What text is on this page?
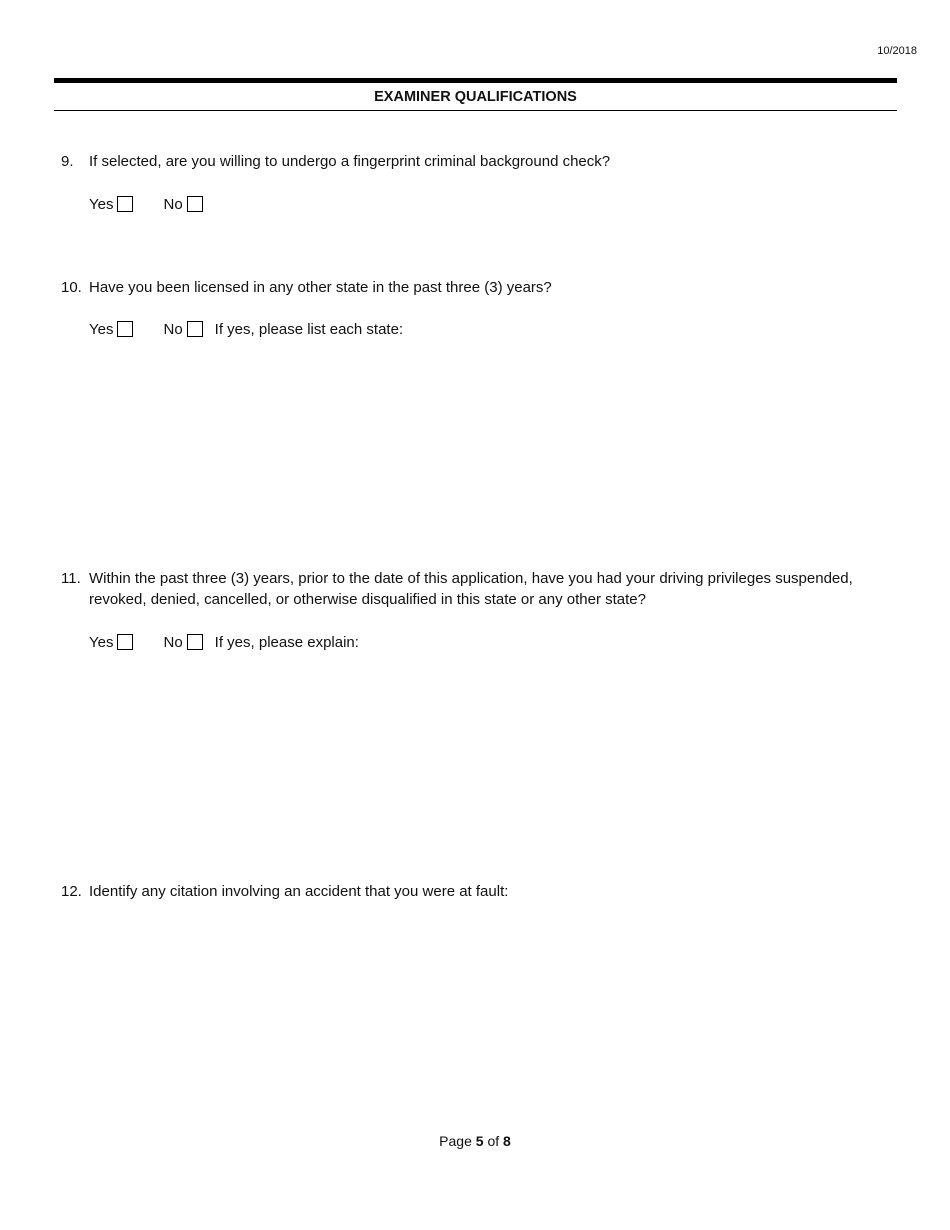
10/2018
EXAMINER QUALIFICATIONS
9. If selected, are you willing to undergo a fingerprint criminal background check?
Yes	No
10. Have you been licensed in any other state in the past three (3) years?
Yes	No If yes, please list each state:
11. Within the past three (3) years, prior to the date of this application, have you had your driving privileges suspended, revoked, denied, cancelled, or otherwise disqualified in this state or any other state?
Yes	No If yes, please explain:
12. Identify any citation involving an accident that you were at fault:
Page 5 of 8
